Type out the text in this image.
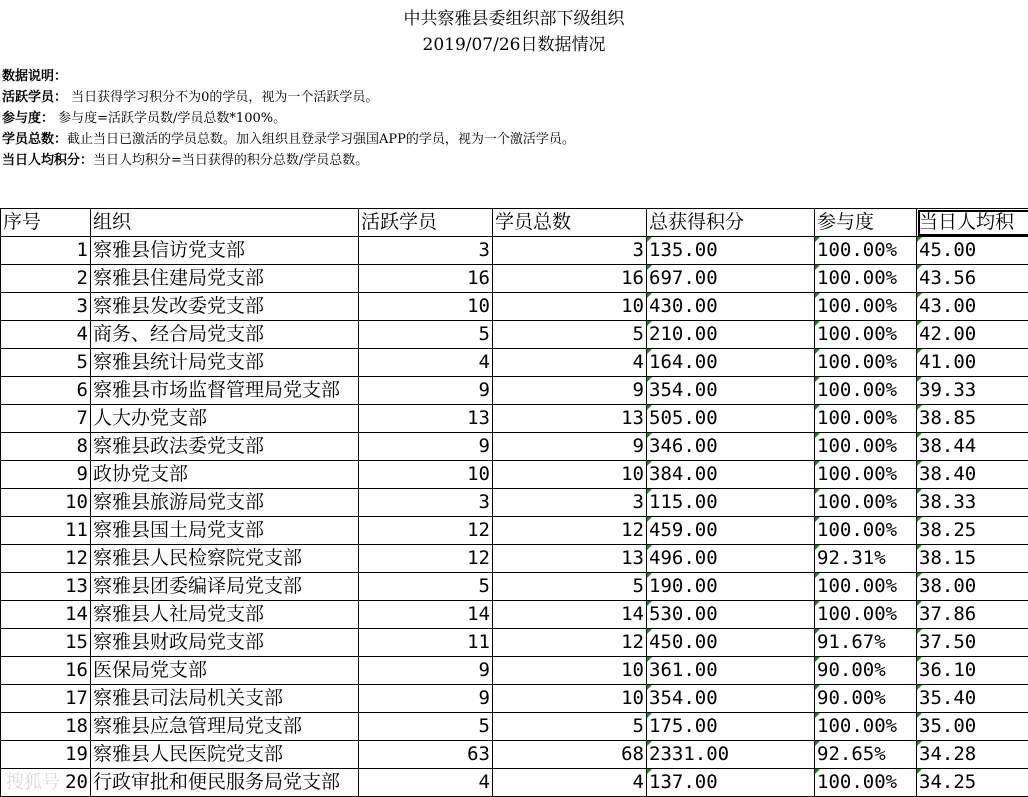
中共察雅县委组织部下级组织
2019/07/26日数据情况
数据说明：
活跃学员： 当日获得学习积分不为0的学员，视为一个活跃学员。
参与度： 参与度=活跃学员数/学员总数*100%。
学员总数：截止当日已激活的学员总数。加入组织且登录学习强国APP的学员，视为一个激活学员。
当日人均积分：当日人均积分=当日获得的积分总数/学员总数。
序号	组织	活跃学员	学员总数	总获得积分	参与度	当日人均积
1	察雅县信访党支部	3	3	135.00	100.00%	45.00
2	察雅县住建局党支部	16	16	697.00	100.00%	43.56
3	察雅县发改委党支部	10	10	430.00	100.00%	43.00
4	商务、经合局党支部	5	5	210.00	100.00%	42.00
5	察雅县统计局党支部	4	4	164.00	100.00%	41.00
6	察雅县市场监督管理局党支部	9	9	354.00	100.00%	39.33
7	人大办党支部	13	13	505.00	100.00%	38.85
8	察雅县政法委党支部	9	9	346.00	100.00%	38.44
9	政协党支部	10	10	384.00	100.00%	38.40
10	察雅县旅游局党支部	3	3	115.00	100.00%	38.33
11	察雅县国土局党支部	12	12	459.00	100.00%	38.25
12	察雅县人民检察院党支部	12	13	496.00	92.31%	38.15
13	察雅县团委编译局党支部	5	5	190.00	100.00%	38.00
14	察雅县人社局党支部	14	14	530.00	100.00%	37.86
15	察雅县财政局党支部	11	12	450.00	91.67%	37.50
16	医保局党支部	9	10	361.00	90.00%	36.10
17	察雅县司法局机关支部	9	10	354.00	90.00%	35.40
18	察雅县应急管理局党支部	5	5	175.00	100.00%	35.00
19	察雅县人民医院党支部	63	68	2331.00	92.65%	34.28
20	行政审批和便民服务局党支部	4	4	137.00	100.00%	34.25
搜狐号
